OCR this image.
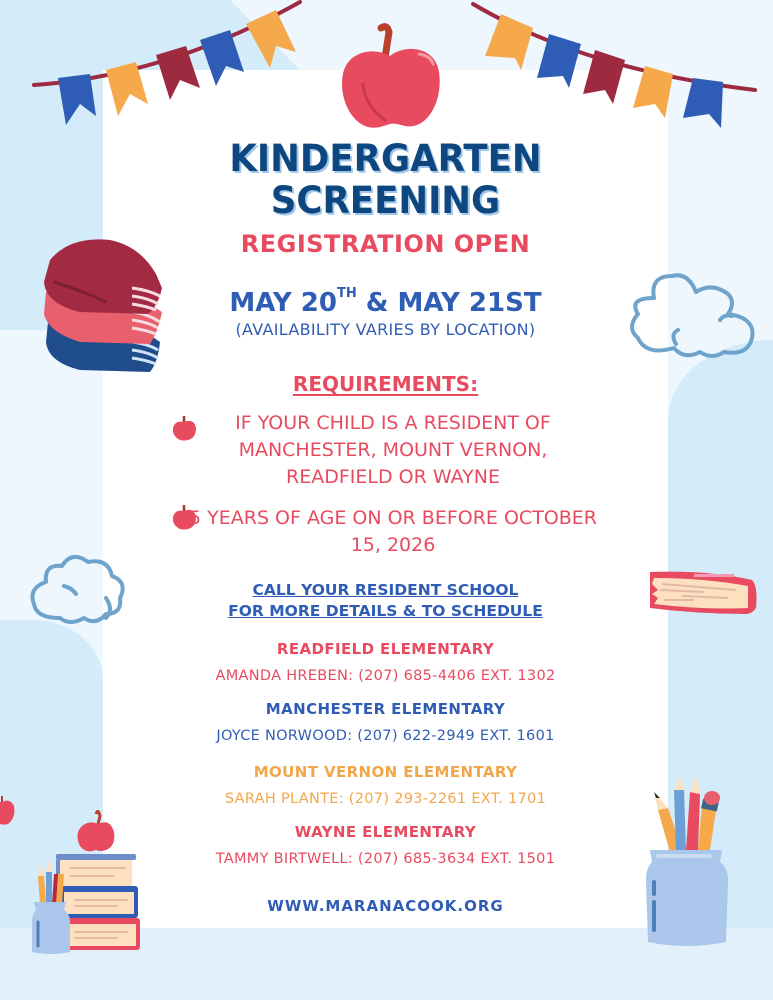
KINDERGARTEN
SCREENING
REGISTRATION OPEN
MAY 20TH & MAY 21ST
(AVAILABILITY VARIES BY LOCATION)
REQUIREMENTS:
IF YOUR CHILD IS A RESIDENT OF MANCHESTER, MOUNT VERNON, READFIELD OR WAYNE
5 YEARS OF AGE ON OR BEFORE OCTOBER 15, 2026
CALL YOUR RESIDENT SCHOOL
FOR MORE DETAILS & TO SCHEDULE
READFIELD ELEMENTARY
AMANDA HREBEN: (207) 685-4406 EXT. 1302
MANCHESTER ELEMENTARY
JOYCE NORWOOD: (207) 622-2949 EXT. 1601
MOUNT VERNON ELEMENTARY
SARAH PLANTE: (207) 293-2261 EXT. 1701
WAYNE ELEMENTARY
TAMMY BIRTWELL: (207) 685-3634 EXT. 1501
WWW.MARANACOOK.ORG
